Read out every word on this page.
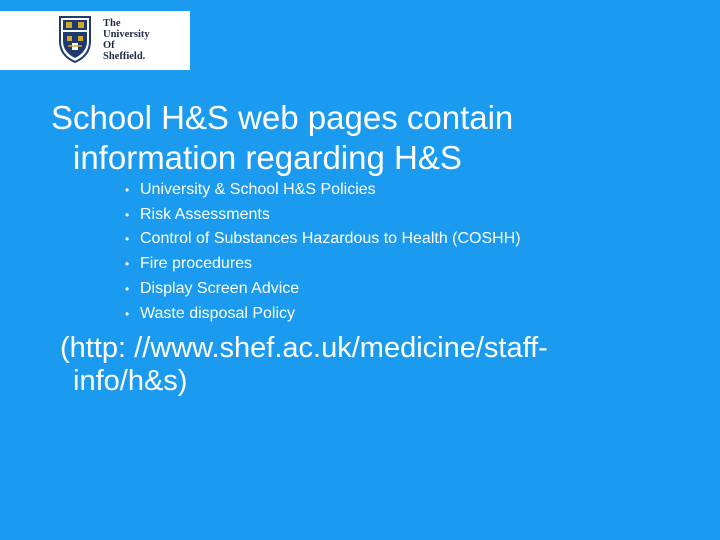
The
University
Of
Sheffield.
School H&S web pages contain
information regarding H&S
• University & School H&S Policies
• Risk Assessments
• Control of Substances Hazardous to Health (COSHH)
• Fire procedures
• Display Screen Advice
• Waste disposal Policy
(http: //www.shef.ac.uk/medicine/staff-
info/h&s)
